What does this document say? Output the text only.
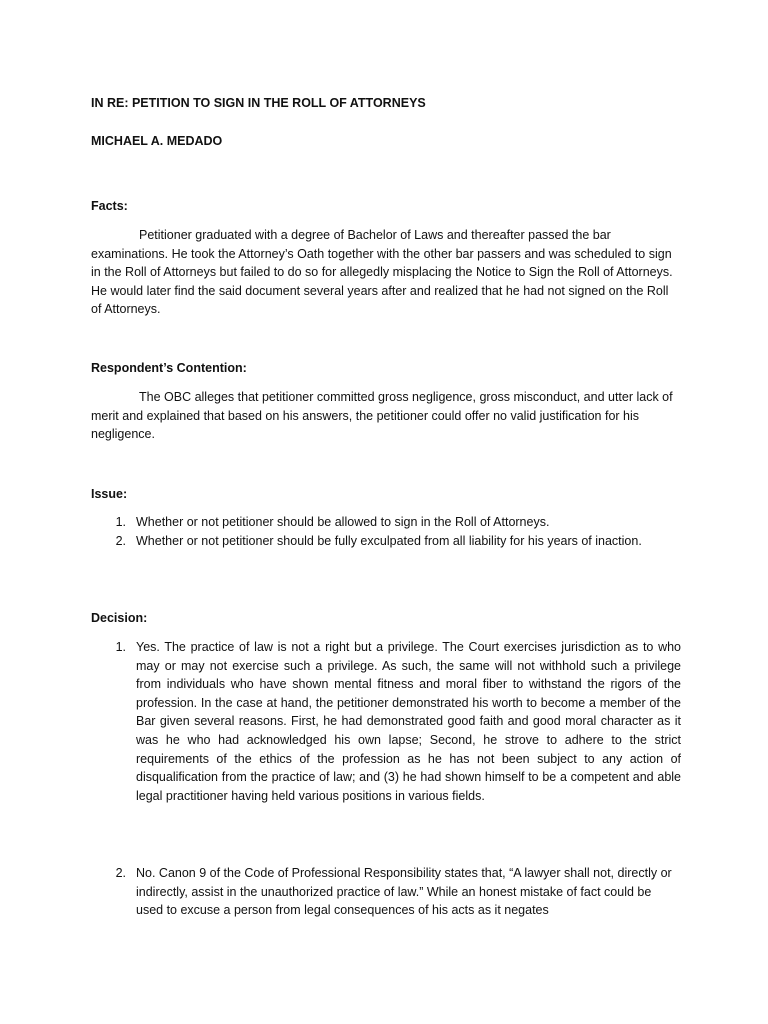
IN RE: PETITION TO SIGN IN THE ROLL OF ATTORNEYS

MICHAEL A. MEDADO

Facts:

Petitioner graduated with a degree of Bachelor of Laws and thereafter passed the bar examinations. He took the Attorney’s Oath together with the other bar passers and was scheduled to sign in the Roll of Attorneys but failed to do so for allegedly misplacing the Notice to Sign the Roll of Attorneys. He would later find the said document several years after and realized that he had not signed on the Roll of Attorneys.

Respondent’s Contention:

The OBC alleges that petitioner committed gross negligence, gross misconduct, and utter lack of merit and explained that based on his answers, the petitioner could offer no valid justification for his negligence.

Issue:

1. Whether or not petitioner should be allowed to sign in the Roll of Attorneys.
2. Whether or not petitioner should be fully exculpated from all liability for his years of inaction.

Decision:

1. Yes. The practice of law is not a right but a privilege. The Court exercises jurisdiction as to who may or may not exercise such a privilege. As such, the same will not withhold such a privilege from individuals who have shown mental fitness and moral fiber to withstand the rigors of the profession. In the case at hand, the petitioner demonstrated his worth to become a member of the Bar given several reasons. First, he had demonstrated good faith and good moral character as it was he who had acknowledged his own lapse; Second, he strove to adhere to the strict requirements of the ethics of the profession as he has not been subject to any action of disqualification from the practice of law; and (3) he had shown himself to be a competent and able legal practitioner having held various positions in various fields.
2. No. Canon 9 of the Code of Professional Responsibility states that, “A lawyer shall not, directly or indirectly, assist in the unauthorized practice of law.” While an honest mistake of fact could be used to excuse a person from legal consequences of his acts as it negates
